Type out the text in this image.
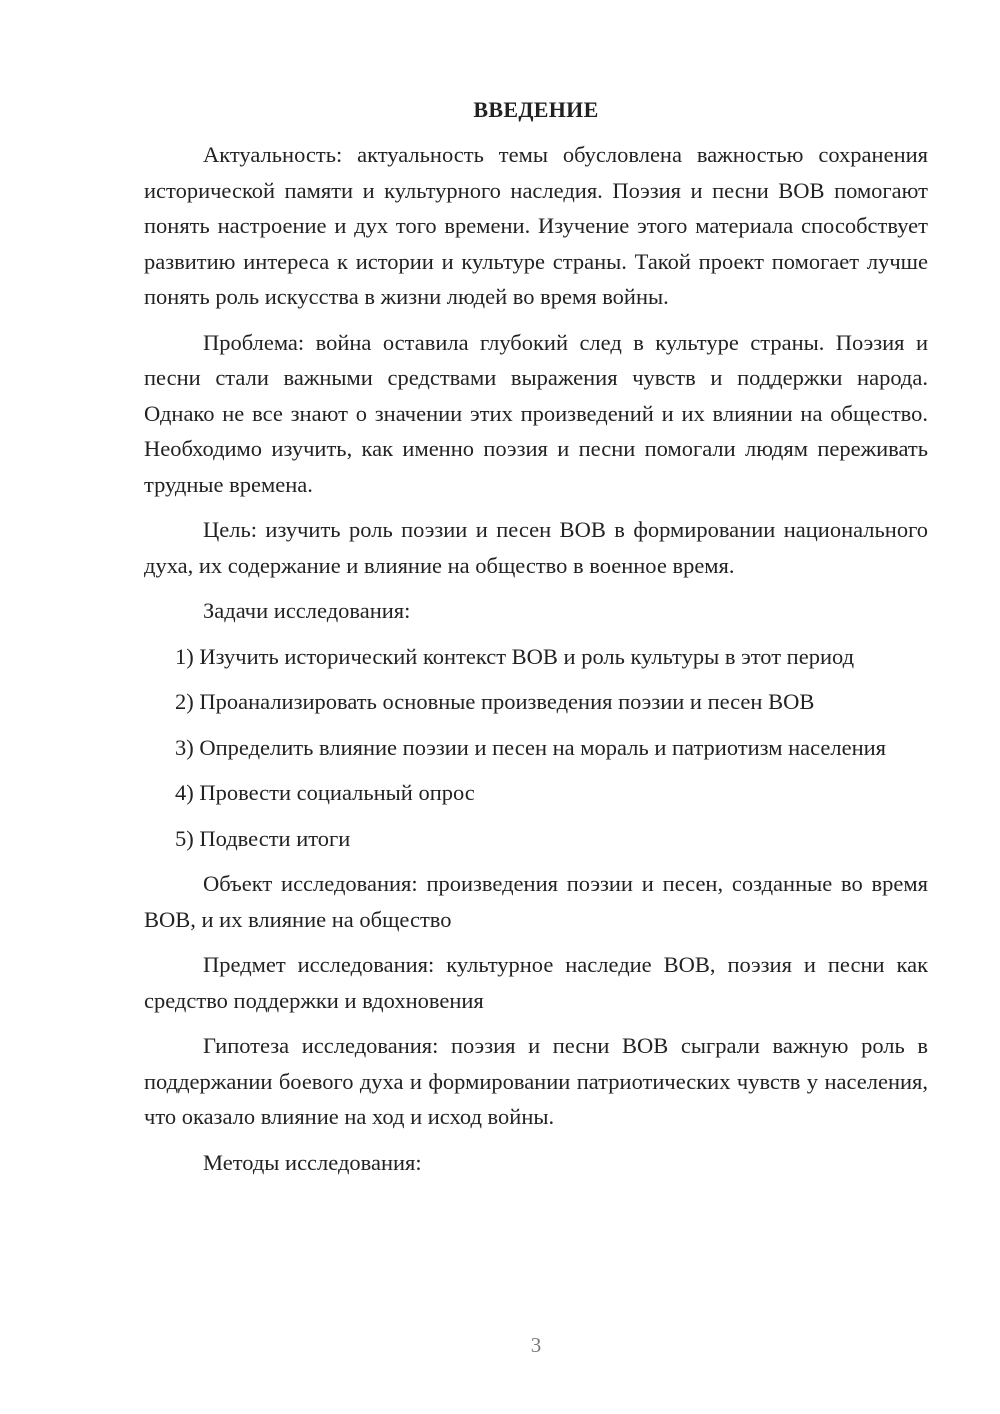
ВВЕДЕНИЕ

Актуальность: актуальность темы обусловлена важностью сохранения исторической памяти и культурного наследия. Поэзия и песни ВОВ помогают понять настроение и дух того времени. Изучение этого материала способствует развитию интереса к истории и культуре страны. Такой проект помогает лучше понять роль искусства в жизни людей во время войны.

Проблема: война оставила глубокий след в культуре страны. Поэзия и песни стали важными средствами выражения чувств и поддержки народа. Однако не все знают о значении этих произведений и их влиянии на общество. Необходимо изучить, как именно поэзия и песни помогали людям переживать трудные времена.

Цель: изучить роль поэзии и песен ВОВ в формировании национального духа, их содержание и влияние на общество в военное время.

Задачи исследования:

1) Изучить исторический контекст ВОВ и роль культуры в этот период

2) Проанализировать основные произведения поэзии и песен ВОВ

3) Определить влияние поэзии и песен на мораль и патриотизм населения

4) Провести социальный опрос

5) Подвести итоги

Объект исследования: произведения поэзии и песен, созданные во время ВОВ, и их влияние на общество

Предмет исследования: культурное наследие ВОВ, поэзия и песни как средство поддержки и вдохновения

Гипотеза исследования: поэзия и песни ВОВ сыграли важную роль в поддержании боевого духа и формировании патриотических чувств у населения, что оказало влияние на ход и исход войны.

Методы исследования:

3
